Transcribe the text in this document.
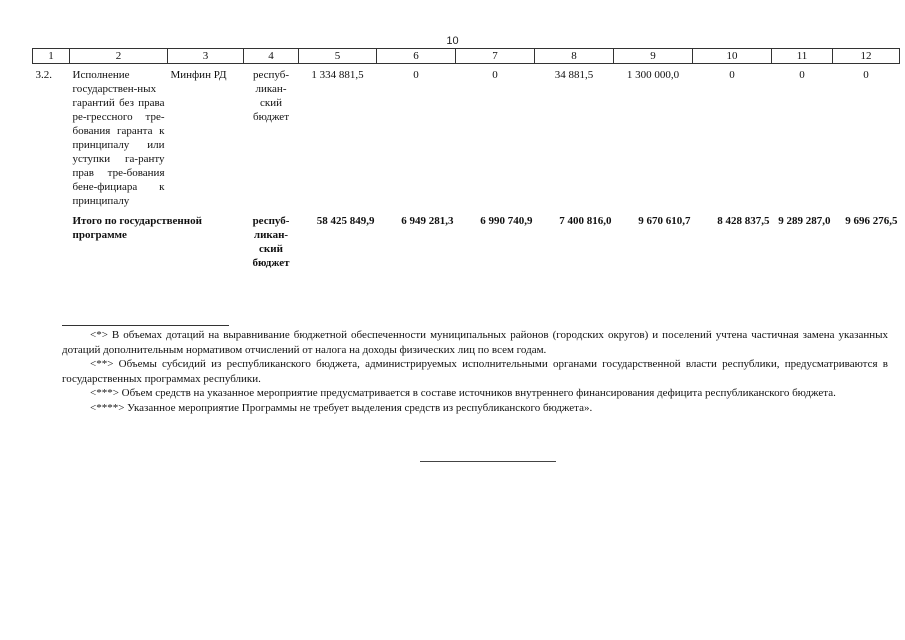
10
1	2	3	4	5	6	7	8	9	10	11	12
3.2.	Исполнение государствен-ных гарантий без права ре-грессного тре-бования гаранта к принципалу или уступки га-ранту прав тре-бования бене-фициара к принципалу	Минфин РД	респуб-ликан-ский бюджет	1 334 881,5	0	0	34 881,5	1 300 000,0	0	0	0
	Итого по государственной программе		респуб-ликан-ский бюджет	58 425 849,9	6 949 281,3	6 990 740,9	7 400 816,0	9 670 610,7	8 428 837,5	9 289 287,0	9 696 276,5

<*> В объемах дотаций на выравнивание бюджетной обеспеченности муниципальных районов (городских округов) и поселений учтена частичная замена указанных дотаций дополнительным нормативом отчислений от налога на доходы физических лиц по всем годам.

<**> Объемы субсидий из республиканского бюджета, администрируемых исполнительными органами государственной власти республики, предусматриваются в государственных программах республики.

<***> Объем средств на указанное мероприятие предусматривается в составе источников внутреннего финансирования дефицита республиканского бюджета.

<****> Указанное мероприятие Программы не требует выделения средств из республиканского бюджета».
